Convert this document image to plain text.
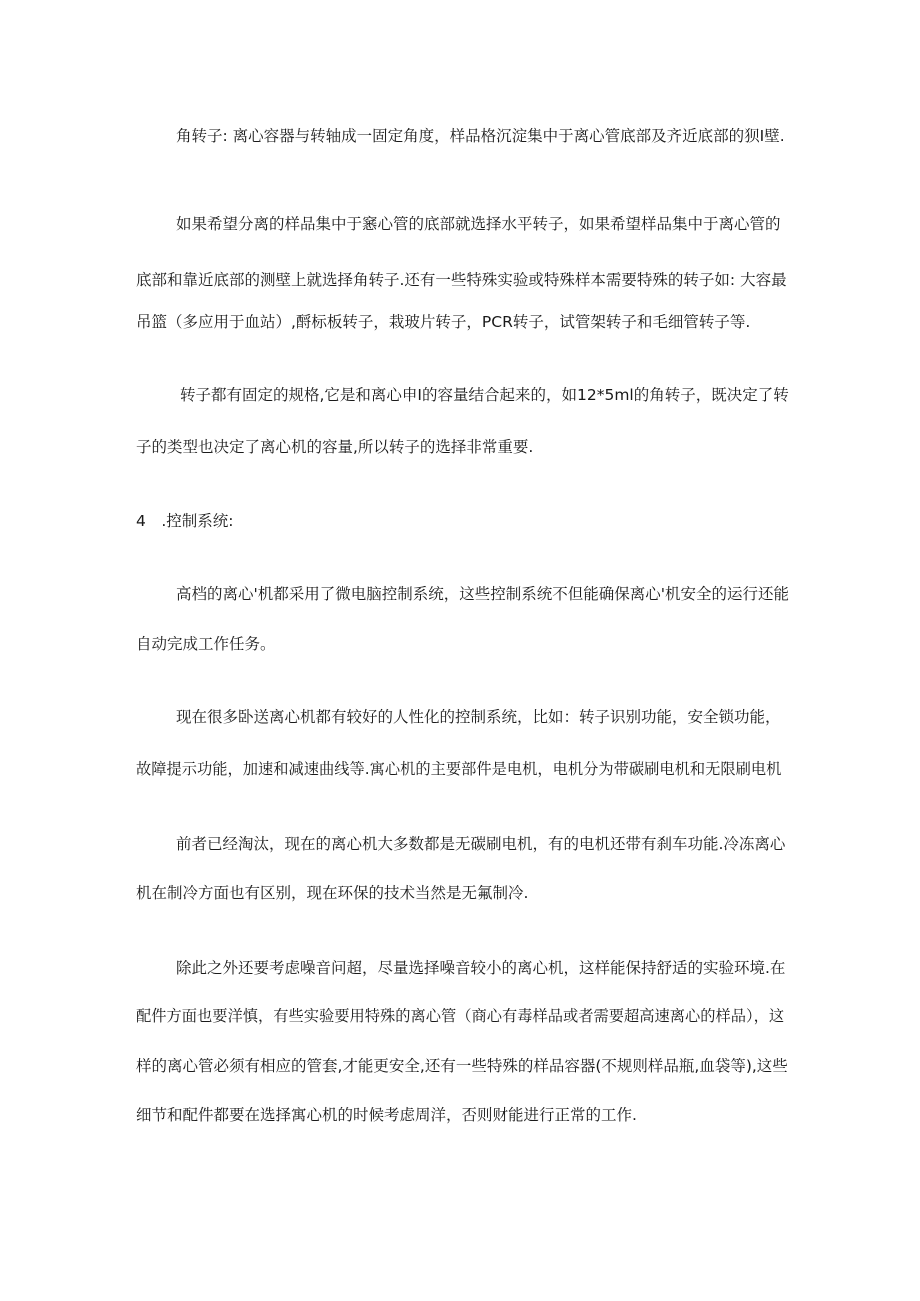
角转子: 离心容器与转轴成一固定角度，样品格沉淀集中于离心管底部及齐近底部的狈I壁.

如果希望分离的样品集中于窸心管的底部就选择水平转子，如果希望样品集中于离心管的

底部和靠近底部的测壁上就选择角转子.还有一些特殊实验或特殊样本需要特殊的转子如: 大容最

吊篮（多应用于血站）,酹标板转子，栽玻片转子，PCR转子，试管架转子和毛细管转子等.

转子都有固定的规格,它是和离心申I的容量结合起来的，如12*5ml的角转子，既决定了转

子的类型也决定了离心机的容量,所以转子的选择非常重要.

4　.控制系统:

高档的离心'机都采用了微电脑控制系统，这些控制系统不但能确保离心'机安全的运行还能

自动完成工作任务。

现在很多卧送离心机都有较好的人性化的控制系统，比如：转子识别功能，安全锁功能，

故障提示功能，加速和减速曲线等.寓心机的主要部件是电机，电机分为带碳刷电机和无限刷电机

前者已经淘汰，现在的离心机大多数都是无碳刷电机，有的电机还带有刹车功能.冷冻离心

机在制冷方面也有区别，现在环保的技术当然是无氟制冷.

除此之外还要考虑噪音问超，尽量选择噪音较小的离心机，这样能保持舒适的实验环境.在

配件方面也要洋慎，有些实验要用特殊的离心管（商心有毒样品或者需要超高速离心的样品），这

样的离心管必须有相应的管套,才能更安全,还有一些特殊的样品容器(不规则样品瓶,血袋等),这些

细节和配件都要在选择寓心机的时候考虑周洋，否则财能进行正常的工作.
